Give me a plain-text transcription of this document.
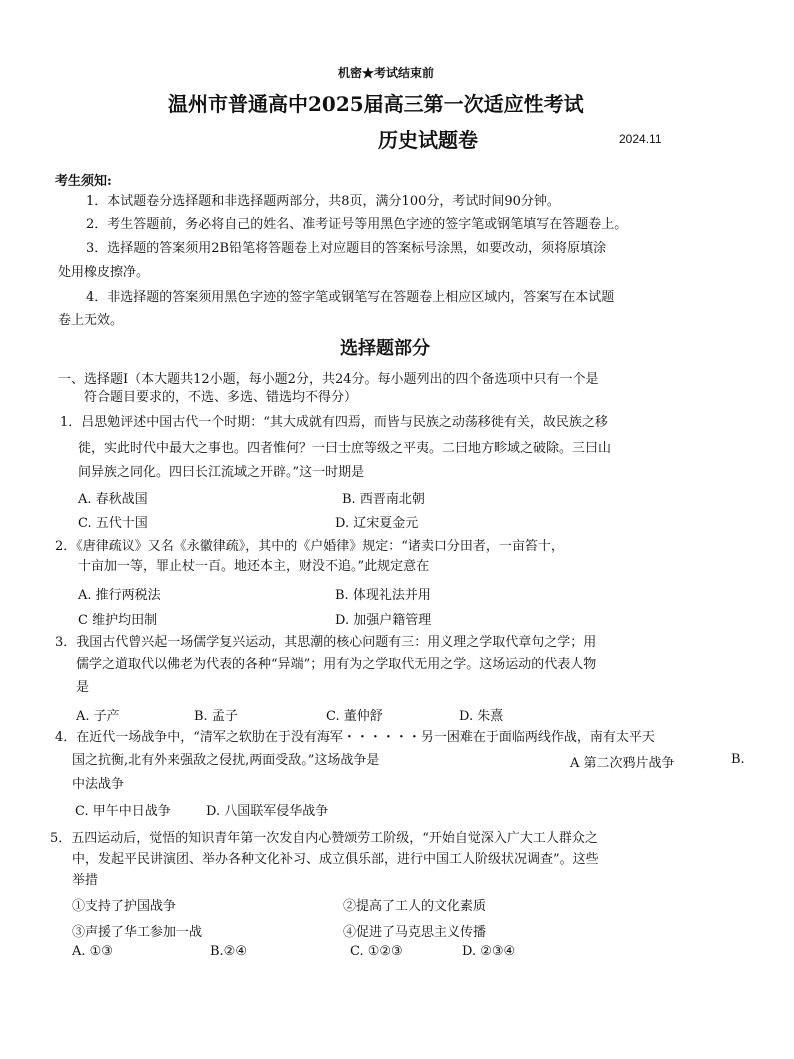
机密★考试结束前
温州市普通高中2025届高三第一次适应性考试
历史试题卷	2024.11
考生须知:
1．本试题卷分选择题和非选择题两部分，共8页，满分100分，考试时间90分钟。
2．考生答题前，务必将自己的姓名、准考证号等用黑色字迹的签字笔或钢笔填写在答题卷上。
3．选择题的答案须用2B铅笔将答题卷上对应题目的答案标号涂黑，如要改动，须将原填涂
处用橡皮擦净。
4．非选择题的答案须用黑色字迹的签字笔或钢笔写在答题卷上相应区域内，答案写在本试题
卷上无效。
选择题部分
一、选择题Ⅰ（本大题共12小题，每小题2分，共24分。每小题列出的四个备选项中只有一个是
符合题目要求的，不选、多选、错选均不得分）
1．吕思勉评述中国古代一个时期：“其大成就有四焉，而皆与民族之动荡移徙有关，故民族之移
徙，实此时代中最大之事也。四者惟何？一曰士庶等级之平夷。二曰地方畛域之破除。三曰山
间异族之同化。四曰长江流域之开辟。”这一时期是
A. 春秋战国	B. 西晋南北朝
C. 五代十国	D. 辽宋夏金元
2．《唐律疏议》又名《永徽律疏》，其中的《户婚律》规定：“诸卖口分田者，一亩笞十，
十亩加一等，罪止杖一百。地还本主，财没不追。”此规定意在
A. 推行两税法	B. 体现礼法并用
C 维护均田制	D. 加强户籍管理
3．我国古代曾兴起一场儒学复兴运动，其思潮的核心问题有三：用义理之学取代章句之学；用
儒学之道取代以佛老为代表的各种“异端”；用有为之学取代无用之学。这场运动的代表人物
是
A. 子产	B. 孟子	C. 董仲舒	D. 朱熹
4．在近代一场战争中，“清军之软肋在于没有海军・・・・・・另一困难在于面临两线作战，南有太平天
国之抗衡,北有外来强敌之侵扰,两面受敌。”这场战争是	A 第二次鸦片战争	B.
中法战争
C. 甲午中日战争	D. 八国联军侵华战争
5．五四运动后，觉悟的知识青年第一次发自内心赞颂劳工阶级，“开始自觉深入广大工人群众之
中，发起平民讲演团、举办各种文化补习、成立俱乐部，进行中国工人阶级状况调查”。这些
举措
①支持了护国战争	②提高了工人的文化素质
③声援了华工参加一战	④促进了马克思主义传播
A. ①③	B.②④	C. ①②③	D. ②③④
